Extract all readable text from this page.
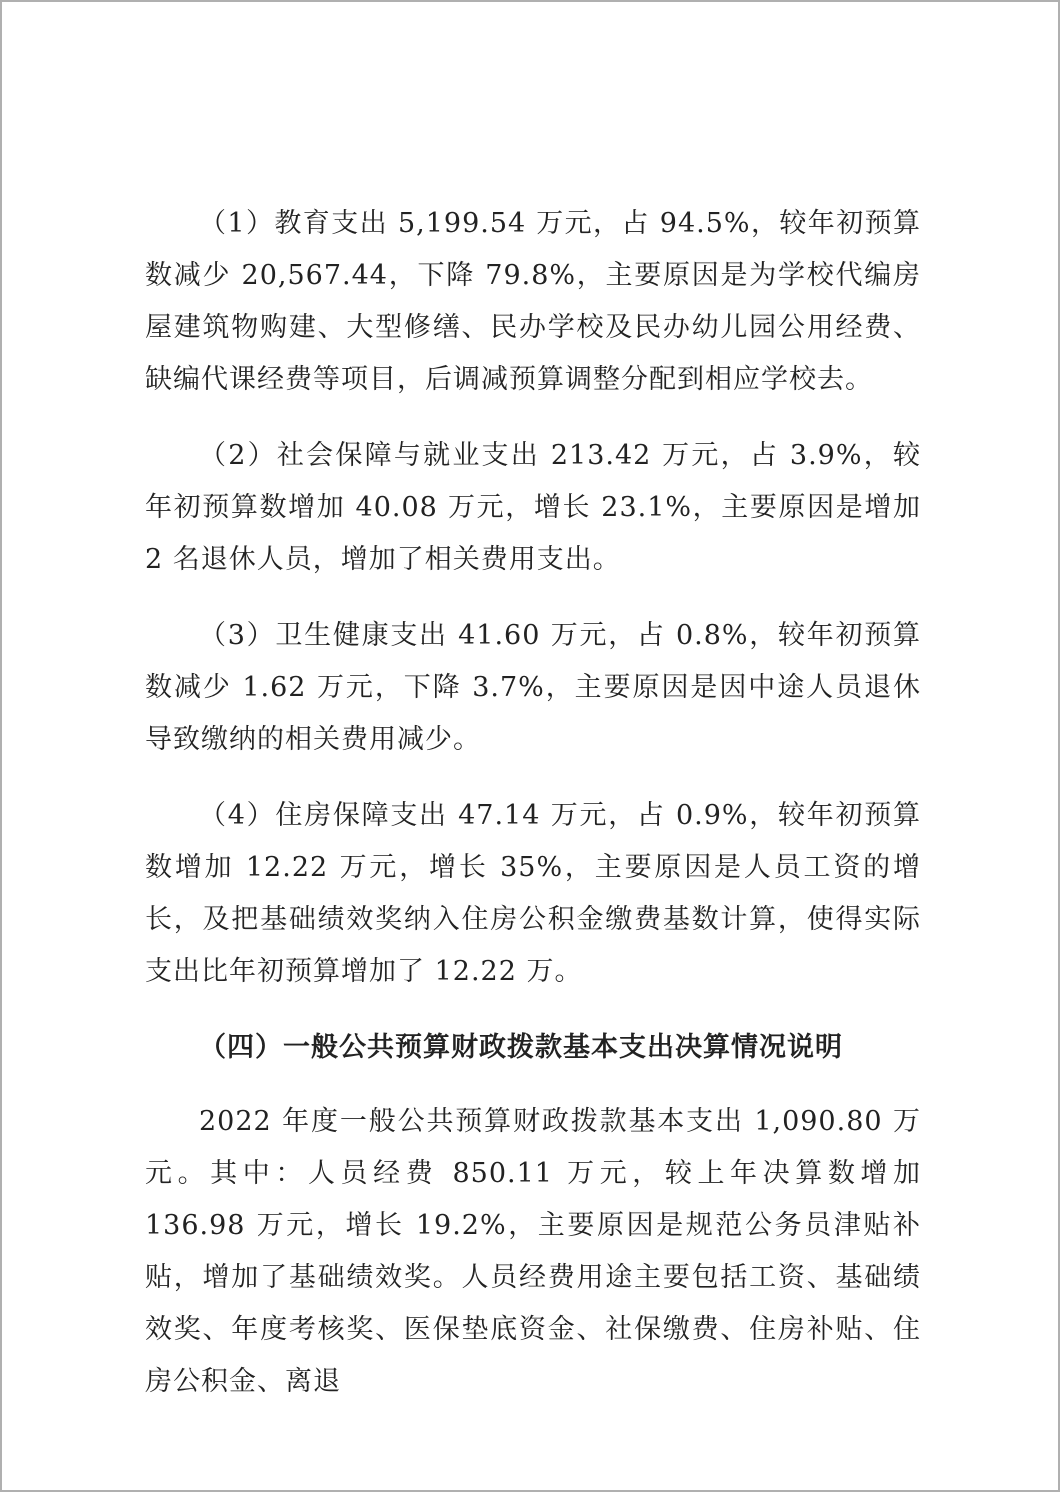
（1）教育支出 5,199.54 万元，占 94.5%，较年初预算数减少 20,567.44，下降 79.8%，主要原因是为学校代编房屋建筑物购建、大型修缮、民办学校及民办幼儿园公用经费、缺编代课经费等项目，后调减预算调整分配到相应学校去。

（2）社会保障与就业支出 213.42 万元，占 3.9%，较年初预算数增加 40.08 万元，增长 23.1%，主要原因是增加 2 名退休人员，增加了相关费用支出。

（3）卫生健康支出 41.60 万元，占 0.8%，较年初预算数减少 1.62 万元，下降 3.7%，主要原因是因中途人员退休导致缴纳的相关费用减少。

（4）住房保障支出 47.14 万元，占 0.9%，较年初预算数增加 12.22 万元，增长 35%，主要原因是人员工资的增长，及把基础绩效奖纳入住房公积金缴费基数计算，使得实际支出比年初预算增加了 12.22 万。

（四）一般公共预算财政拨款基本支出决算情况说明

2022 年度一般公共预算财政拨款基本支出 1,090.80 万元。其中：人员经费 850.11 万元，较上年决算数增加 136.98 万元，增长 19.2%，主要原因是规范公务员津贴补贴，增加了基础绩效奖。人员经费用途主要包括工资、基础绩效奖、年度考核奖、医保垫底资金、社保缴费、住房补贴、住房公积金、离退
